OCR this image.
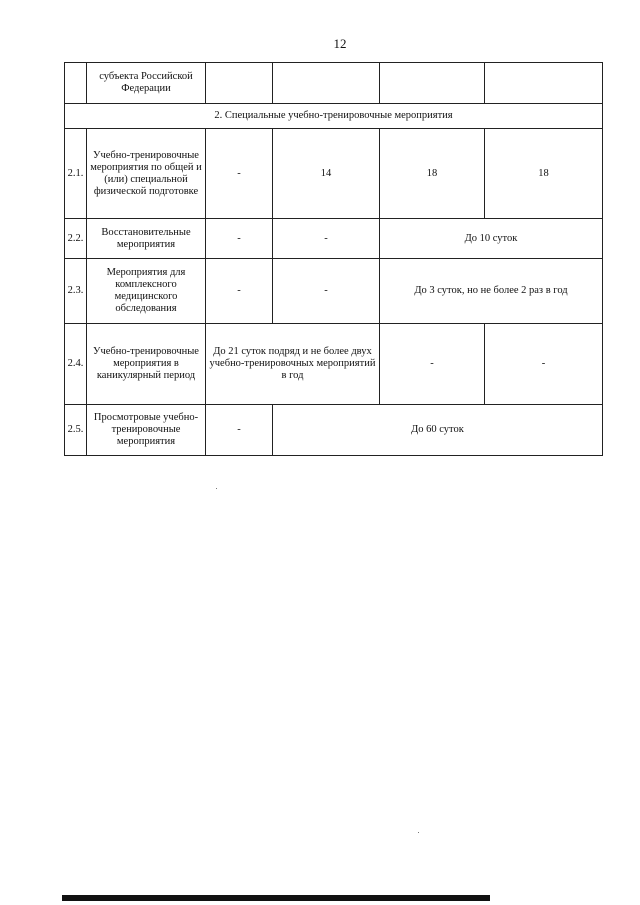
12
	субъекта Российской Федерации				
2. Специальные учебно-тренировочные мероприятия					
2.1.	Учебно-тренировочные мероприятия по общей и (или) специальной физической подготовке	-	14	18	18
2.2.	Восстановительные мероприятия	-	-	До 10 суток	
2.3.	Мероприятия для комплексного медицинского обследования	-	-	До 3 суток, но не более 2 раз в год	
2.4.	Учебно-тренировочные мероприятия в каникулярный период	До 21 суток подряд и не более двух учебно-тренировочных мероприятий в год		-	-
2.5.	Просмотровые учебно-тренировочные мероприятия	-	До 60 суток		
